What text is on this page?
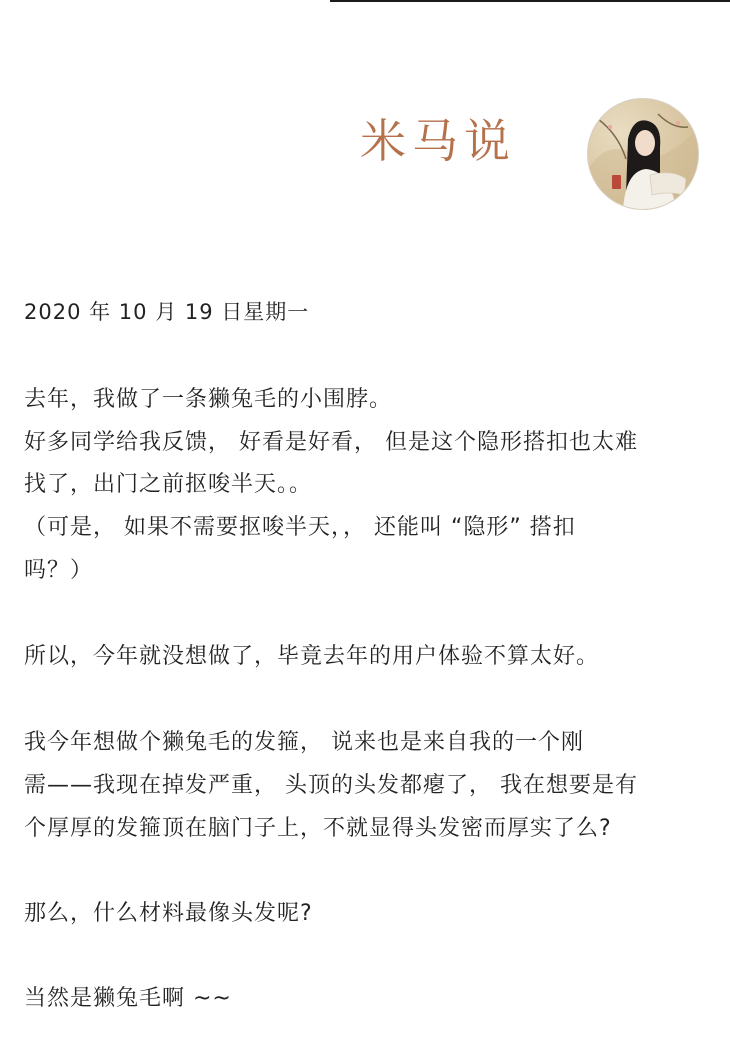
米马说
2020 年 10 月 19 日星期一
去年，我做了一条獭兔毛的小围脖。
好多同学给我反馈， 好看是好看， 但是这个隐形搭扣也太难
找了，出门之前抠唆半天。。
（可是， 如果不需要抠唆半天，， 还能叫 “隐形” 搭扣
吗？）
所以，今年就没想做了，毕竟去年的用户体验不算太好。
我今年想做个獭兔毛的发箍， 说来也是来自我的一个刚
需——我现在掉发严重， 头顶的头发都瘪了， 我在想要是有
个厚厚的发箍顶在脑门子上，不就显得头发密而厚实了么?
那么，什么材料最像头发呢?
当然是獭兔毛啊 ~~
